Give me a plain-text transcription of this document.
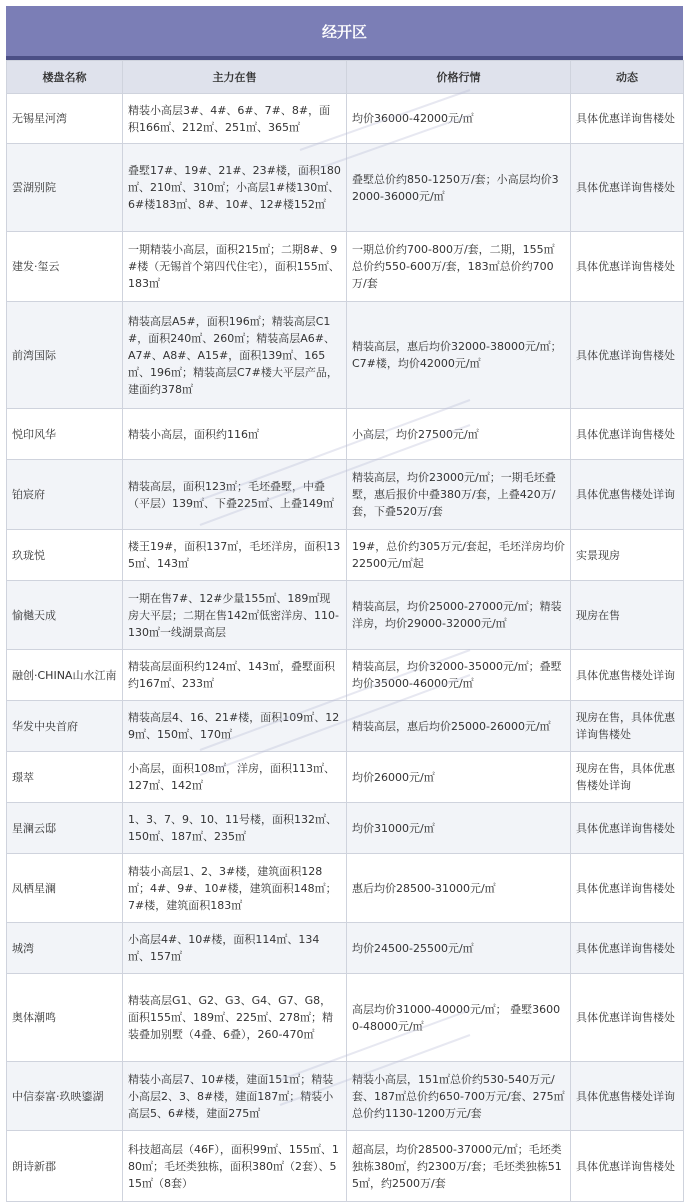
经开区
楼盘名称	主力在售	价格行情	动态
无锡星河湾	精装小高层3#、4#、6#、7#、8#，面积166㎡、212㎡、251㎡、365㎡	均价36000-42000元/㎡	具体优惠详询售楼处
雲湖别院	叠墅17#、19#、21#、23#楼，面积180㎡、210㎡、310㎡；小高层1#楼130㎡、6#楼183㎡、8#、10#、12#楼152㎡	叠墅总价约850-1250万/套；小高层均价32000-36000元/㎡	具体优惠详询售楼处
建发·玺云	一期精装小高层，面积215㎡；二期8#、9#楼（无锡首个第四代住宅），面积155㎡、183㎡	一期总价约700-800万/套，二期，155㎡总价约550-600万/套，183㎡总价约700万/套	具体优惠详询售楼处
前湾国际	精装高层A5#，面积196㎡；精装高层C1#，面积240㎡、260㎡；精装高层A6#、A7#、A8#、A15#，面积139㎡、165㎡、196㎡；精装高层C7#楼大平层产品，建面约378㎡	精装高层，惠后均价32000-38000元/㎡；C7#楼，均价42000元/㎡	具体优惠详询售楼处
悦印风华	精装小高层，面积约116㎡	小高层，均价27500元/㎡	具体优惠详询售楼处
铂宸府	精装高层，面积123㎡；毛坯叠墅，中叠（平层）139㎡、下叠225㎡、上叠149㎡	精装高层，均价23000元/㎡；一期毛坯叠墅，惠后报价中叠380万/套，上叠420万/套，下叠520万/套	具体优惠售楼处详询
玖珑悦	楼王19#，面积137㎡，毛坯洋房，面积135㎡、143㎡	19#，总价约305万元/套起，毛坯洋房均价22500元/㎡起	实景现房
愉樾天成	一期在售7#、12#少量155㎡、189㎡现房大平层；二期在售142㎡低密洋房、110-130㎡一线湖景高层	精装高层，均价25000-27000元/㎡；精装洋房，均价29000-32000元/㎡	现房在售
融创·CHINA山水江南	精装高层面积约124㎡、143㎡，叠墅面积约167㎡、233㎡	精装高层，均价32000-35000元/㎡；叠墅均价35000-46000元/㎡	具体优惠售楼处详询
华发中央首府	精装高层4、16、21#楼，面积109㎡、129㎡、150㎡、170㎡	精装高层，惠后均价25000-26000元/㎡	现房在售，具体优惠详询售楼处
璟萃	小高层，面积108㎡，洋房，面积113㎡、127㎡、142㎡	均价26000元/㎡	现房在售，具体优惠售楼处详询
星澜云邸	1、3、7、9、10、11号楼，面积132㎡、150㎡、187㎡、235㎡	均价31000元/㎡	具体优惠详询售楼处
凤栖星澜	精装小高层1、2、3#楼，建筑面积128㎡；4#、9#、10#楼，建筑面积148㎡；7#楼，建筑面积183㎡	惠后均价28500-31000元/㎡	具体优惠详询售楼处
城湾	小高层4#、10#楼，面积114㎡、134㎡、157㎡	均价24500-25500元/㎡	具体优惠详询售楼处
奥体潮鸣	精装高层G1、G2、G3、G4、G7、G8，面积155㎡、189㎡、225㎡、278㎡；精装叠加别墅（4叠、6叠），260-470㎡	高层均价31000-40000元/㎡； 叠墅36000-48000元/㎡	具体优惠详询售楼处
中信泰富·玖映鎏湖	精装小高层7、10#楼，建面151㎡；精装小高层2、3、8#楼，建面187㎡；精装小高层5、6#楼，建面275㎡	精装小高层，151㎡总价约530-540万元/套、187㎡总价约650-700万元/套、275㎡总价约1130-1200万元/套	具体优惠售楼处详询
朗诗新郡	科技超高层（46F），面积99㎡、155㎡、180㎡；毛坯类独栋，面积380㎡（2套）、515㎡（8套）	超高层，均价28500-37000元/㎡；毛坯类独栋380㎡，约2300万/套；毛坯类独栋515㎡，约2500万/套	具体优惠详询售楼处
